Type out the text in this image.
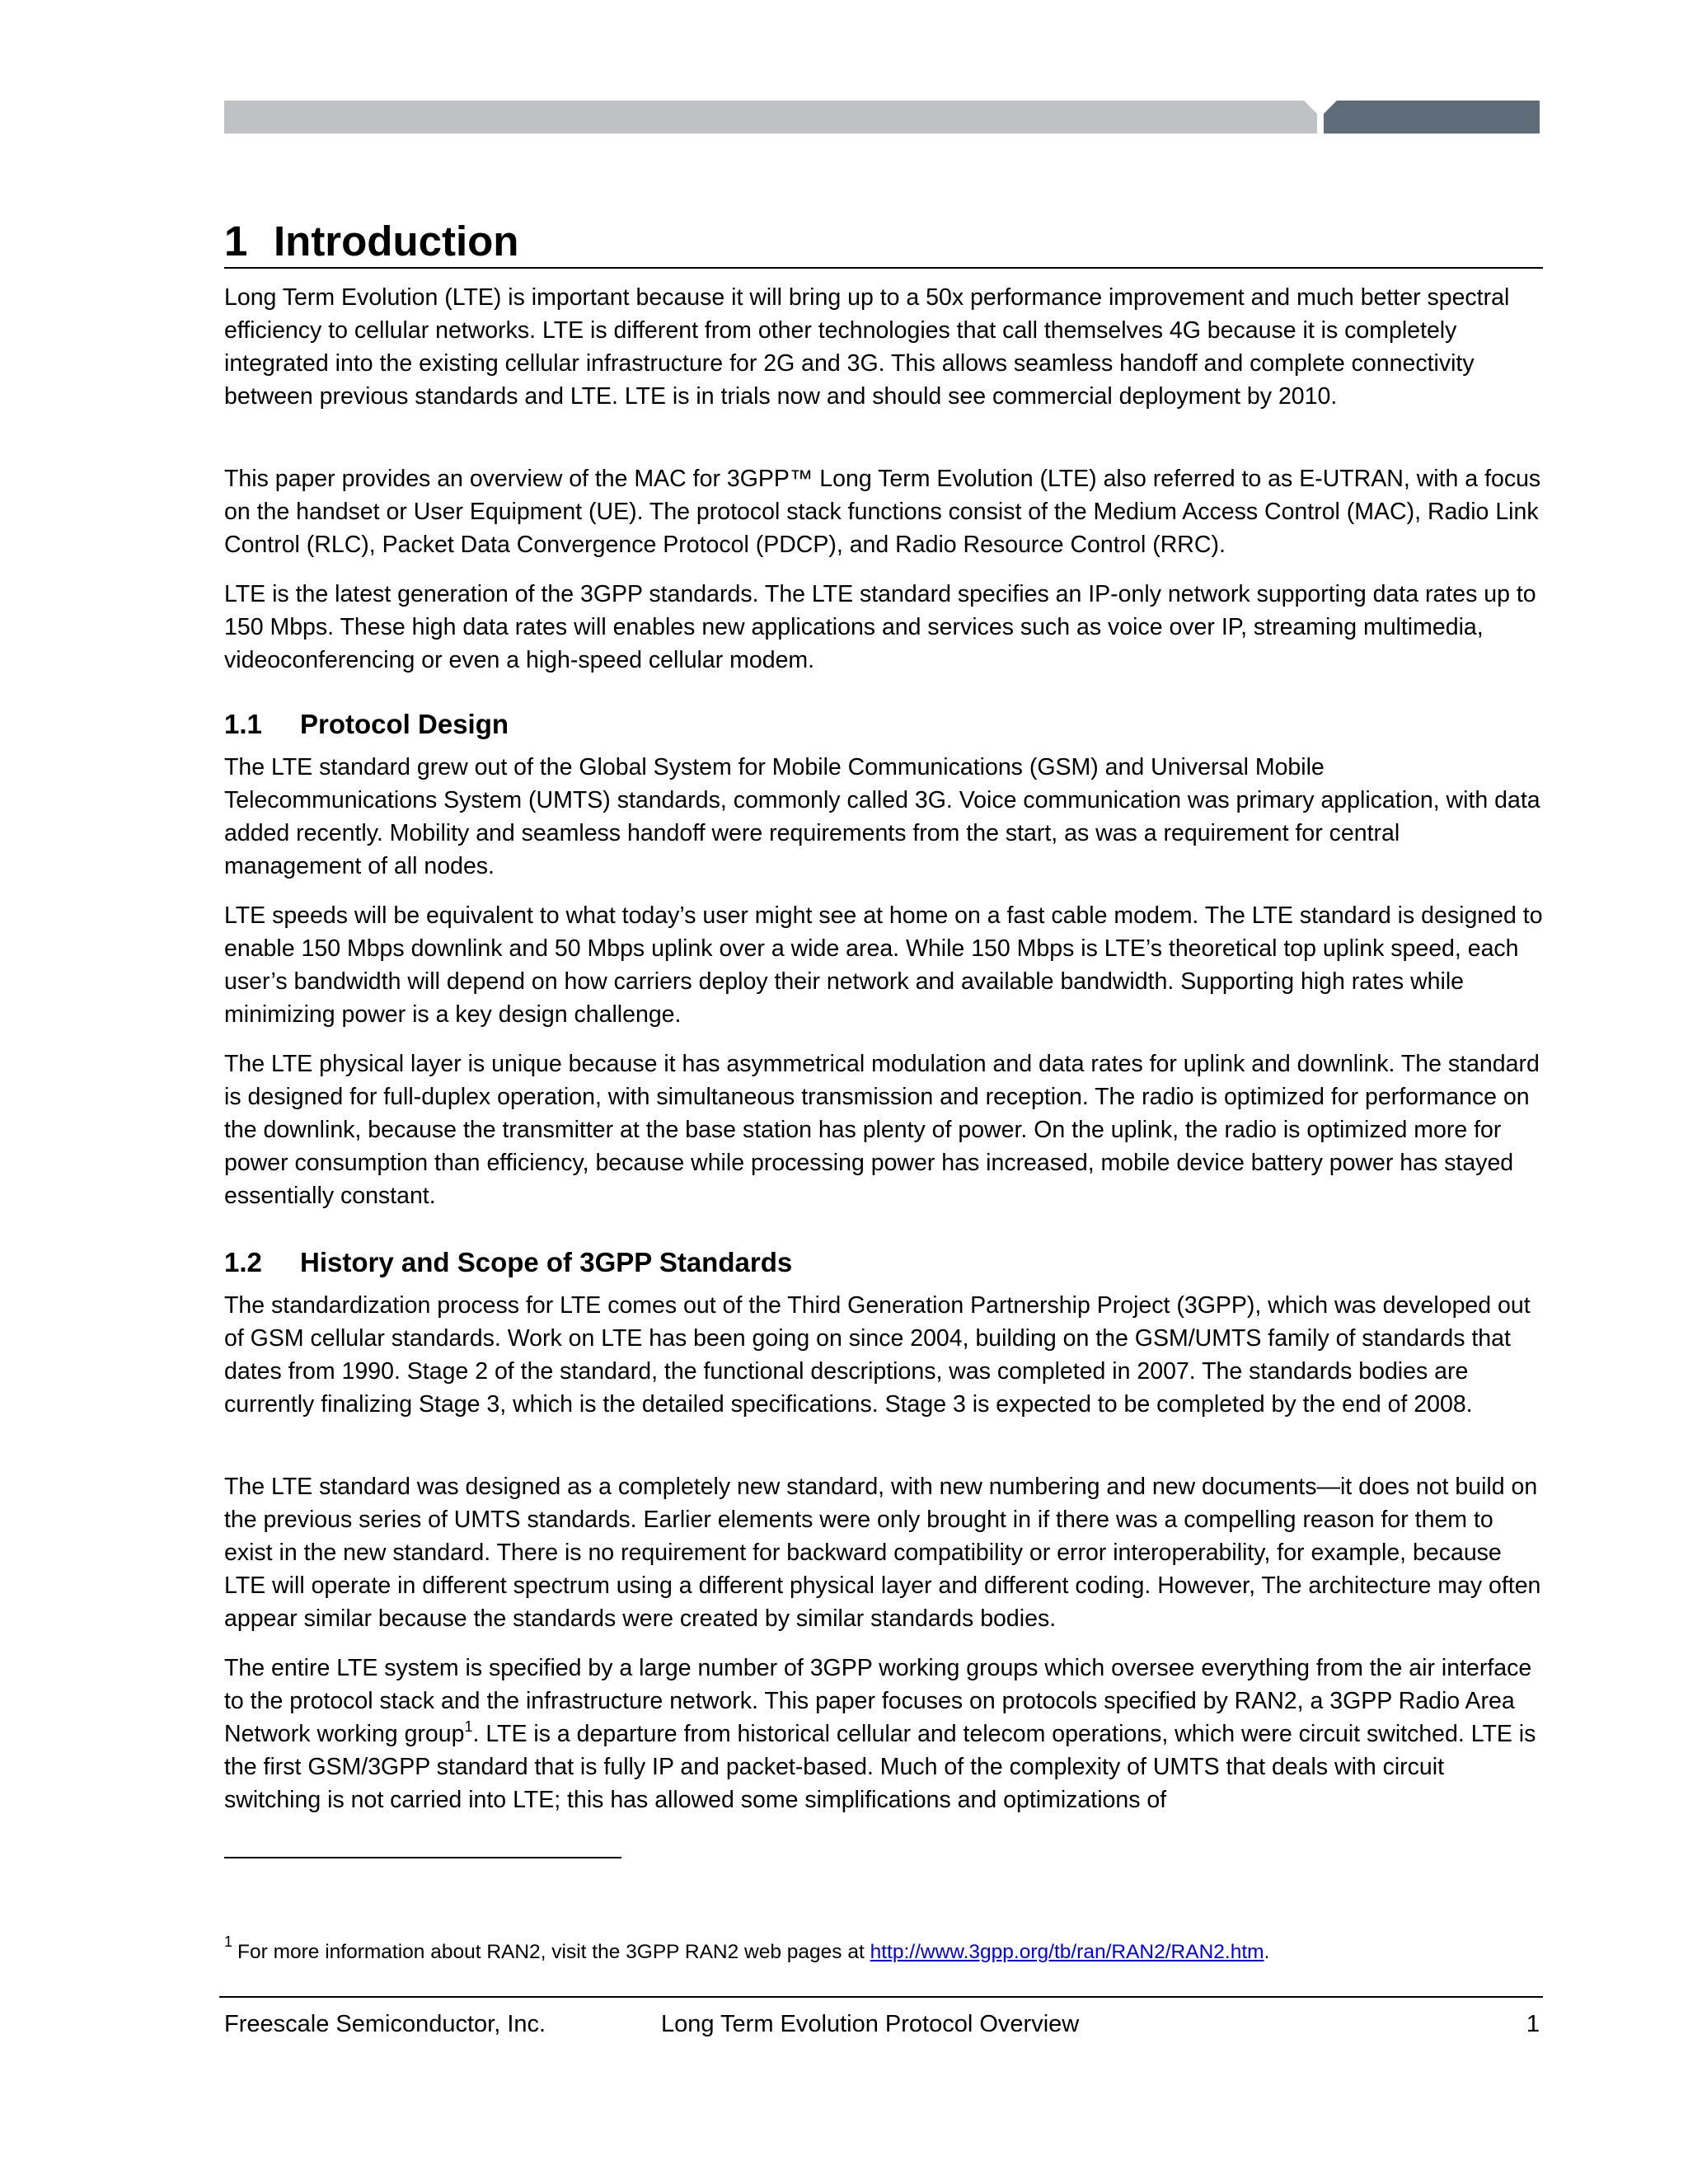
1 Introduction

Long Term Evolution (LTE) is important because it will bring up to a 50x performance improvement and much better spectral efficiency to cellular networks. LTE is different from other technologies that call themselves 4G because it is completely integrated into the existing cellular infrastructure for 2G and 3G. This allows seamless handoff and complete connectivity between previous standards and LTE. LTE is in trials now and should see commercial deployment by 2010.

This paper provides an overview of the MAC for 3GPP™ Long Term Evolution (LTE) also referred to as E-UTRAN, with a focus on the handset or User Equipment (UE). The protocol stack functions consist of the Medium Access Control (MAC), Radio Link Control (RLC), Packet Data Convergence Protocol (PDCP), and Radio Resource Control (RRC).

LTE is the latest generation of the 3GPP standards. The LTE standard specifies an IP-only network supporting data rates up to 150 Mbps. These high data rates will enables new applications and services such as voice over IP, streaming multimedia, videoconferencing or even a high-speed cellular modem.

1.1 Protocol Design

The LTE standard grew out of the Global System for Mobile Communications (GSM) and Universal Mobile Telecommunications System (UMTS) standards, commonly called 3G. Voice communication was primary application, with data added recently. Mobility and seamless handoff were requirements from the start, as was a requirement for central management of all nodes.

LTE speeds will be equivalent to what today’s user might see at home on a fast cable modem. The LTE standard is designed to enable 150 Mbps downlink and 50 Mbps uplink over a wide area. While 150 Mbps is LTE’s theoretical top uplink speed, each user’s bandwidth will depend on how carriers deploy their network and available bandwidth. Supporting high rates while minimizing power is a key design challenge.

The LTE physical layer is unique because it has asymmetrical modulation and data rates for uplink and downlink. The standard is designed for full-duplex operation, with simultaneous transmission and reception. The radio is optimized for performance on the downlink, because the transmitter at the base station has plenty of power. On the uplink, the radio is optimized more for power consumption than efficiency, because while processing power has increased, mobile device battery power has stayed essentially constant.

1.2 History and Scope of 3GPP Standards

The standardization process for LTE comes out of the Third Generation Partnership Project (3GPP), which was developed out of GSM cellular standards. Work on LTE has been going on since 2004, building on the GSM/UMTS family of standards that dates from 1990. Stage 2 of the standard, the functional descriptions, was completed in 2007. The standards bodies are currently finalizing Stage 3, which is the detailed specifications. Stage 3 is expected to be completed by the end of 2008.

The LTE standard was designed as a completely new standard, with new numbering and new documents—it does not build on the previous series of UMTS standards. Earlier elements were only brought in if there was a compelling reason for them to exist in the new standard. There is no requirement for backward compatibility or error interoperability, for example, because LTE will operate in different spectrum using a different physical layer and different coding. However, The architecture may often appear similar because the standards were created by similar standards bodies.

The entire LTE system is specified by a large number of 3GPP working groups which oversee everything from the air interface to the protocol stack and the infrastructure network. This paper focuses on protocols specified by RAN2, a 3GPP Radio Area Network working group$^1$. LTE is a departure from historical cellular and telecom operations, which were circuit switched. LTE is the first GSM/3GPP standard that is fully IP and packet-based. Much of the complexity of UMTS that deals with circuit switching is not carried into LTE; this has allowed some simplifications and optimizations of

$^1$ For more information about RAN2, visit the 3GPP RAN2 web pages at http://www.3gpp.org/tb/ran/RAN2/RAN2.htm.
Freescale Semiconductor, Inc.	Long Term Evolution Protocol Overview	1
